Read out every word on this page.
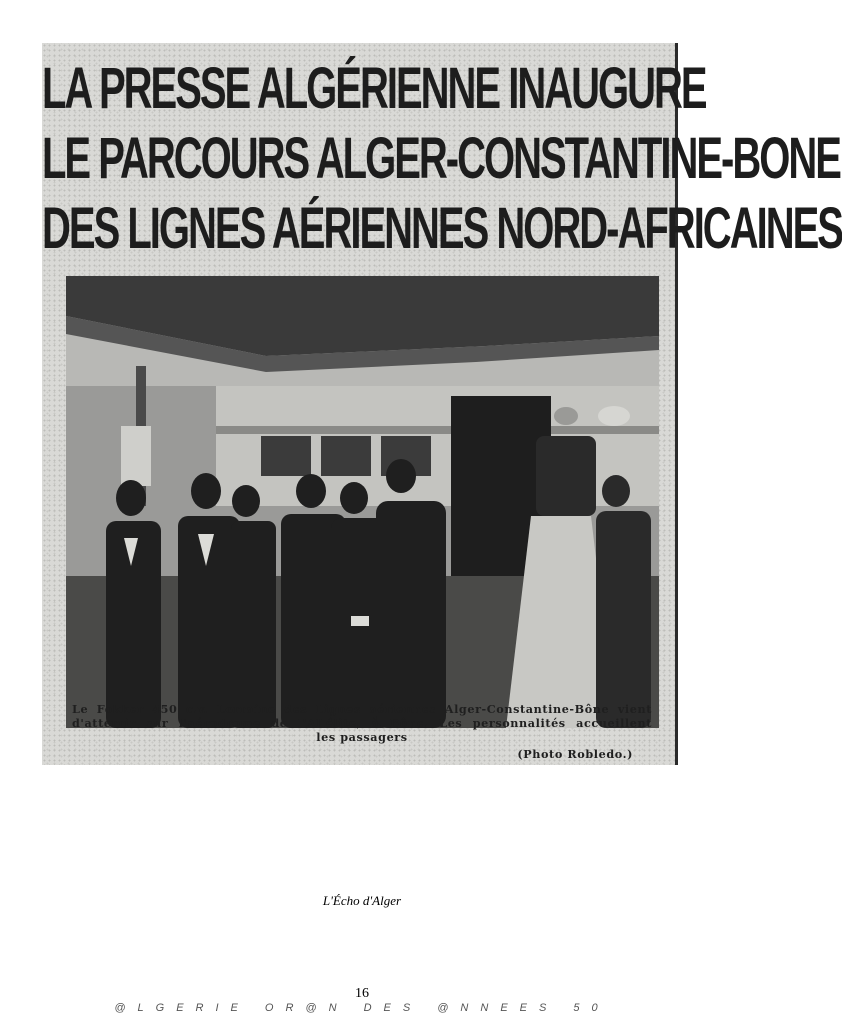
LA PRESSE ALGÉRIENNE INAUGURE
LE PARCOURS ALGER-CONSTANTINE-BONE
DES LIGNES AÉRIENNES NORD-AFRICAINES
Le Fokker 450 c.v. Lorraine des Lignes aériennes Alger-Constantine-Bône vient
d'atterrir sur l'aérodrome de l'Allélite, à Bône. Les personnalités accueillent
les passagers
(Photo Robledo.)
L'Écho d'Alger
16
@LGERIE OR@N DES @NNEES 50
